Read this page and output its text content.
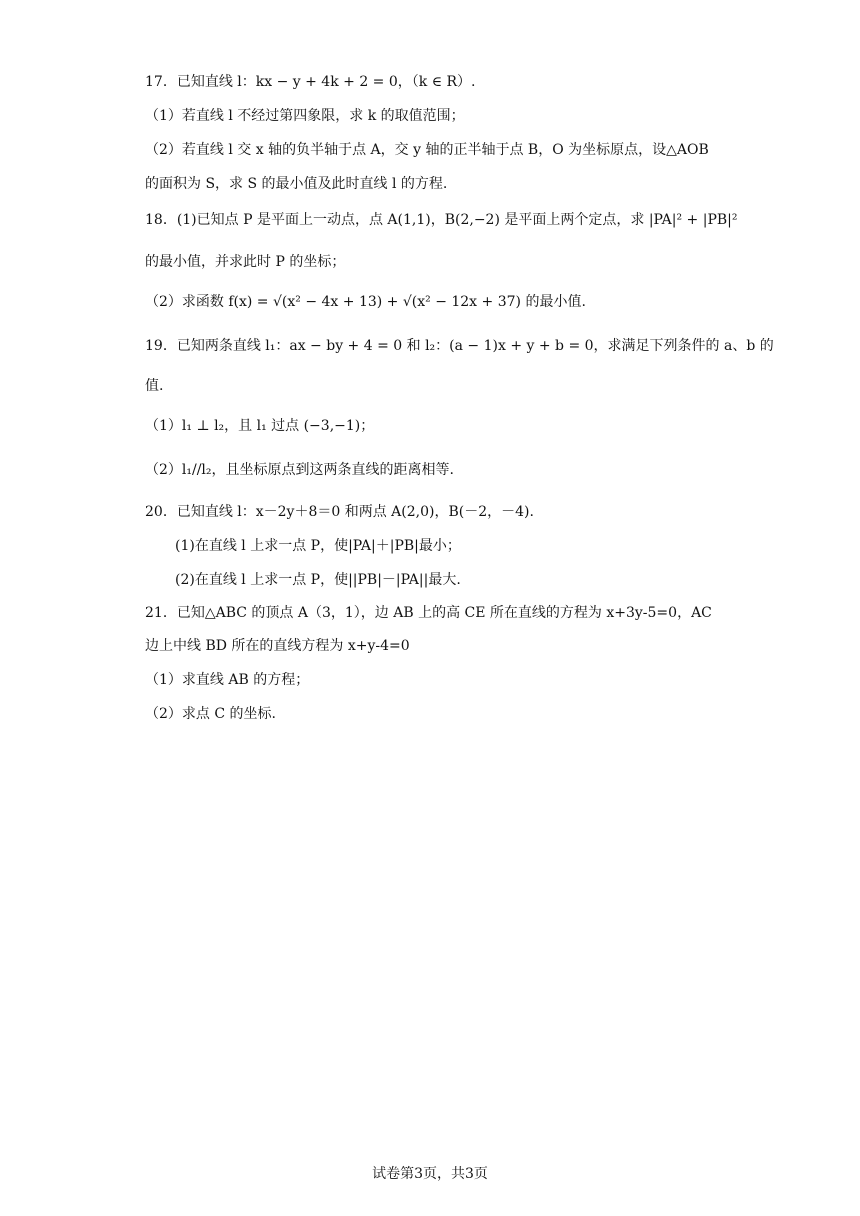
17．已知直线 l：kx − y + 4k + 2 = 0，（k ∈ R）.
（1）若直线 l 不经过第四象限，求 k 的取值范围；
（2）若直线 l 交 x 轴的负半轴于点 A，交 y 轴的正半轴于点 B，O 为坐标原点，设△AOB
的面积为 S，求 S 的最小值及此时直线 l 的方程.
18．(1)已知点 P 是平面上一动点，点 A(1,1)，B(2,−2) 是平面上两个定点，求 |PA|² + |PB|²
的最小值，并求此时 P 的坐标；
（2）求函数 f(x) = √(x² − 4x + 13) + √(x² − 12x + 37) 的最小值.
19．已知两条直线 l₁：ax − by + 4 = 0 和 l₂：(a − 1)x + y + b = 0，求满足下列条件的 a、b 的
值.
（1）l₁ ⊥ l₂，且 l₁ 过点 (−3,−1)；
（2）l₁//l₂，且坐标原点到这两条直线的距离相等.
20．已知直线 l：x－2y＋8＝0 和两点 A(2,0)，B(－2，－4).
(1)在直线 l 上求一点 P，使|PA|＋|PB|最小；
(2)在直线 l 上求一点 P，使||PB|－|PA||最大.
21．已知△ABC 的顶点 A（3，1），边 AB 上的高 CE 所在直线的方程为 x+3y-5=0，AC
边上中线 BD 所在的直线方程为 x+y-4=0
（1）求直线 AB 的方程；
（2）求点 C 的坐标.
试卷第3页，共3页
